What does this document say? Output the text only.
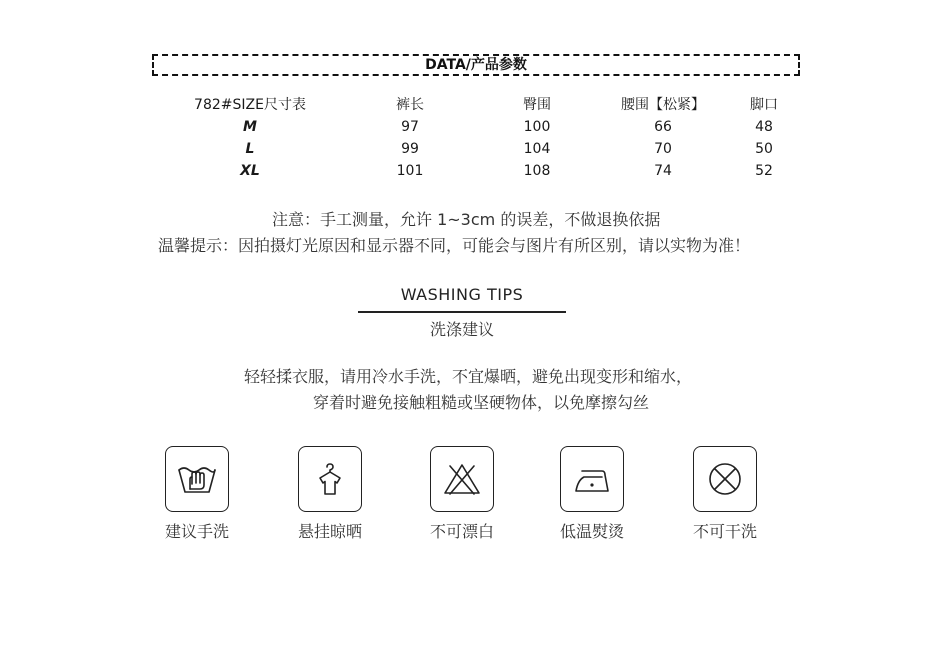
DATA/产品参数
782#SIZE尺寸表	裤长	臀围	腰围【松紧】	脚口
M	97	100	66	48
L	99	104	70	50
XL	101	108	74	52
注意：手工测量，允许 1~3cm 的误差，不做退换依据
温馨提示：因拍摄灯光原因和显示器不同，可能会与图片有所区别，请以实物为准！
WASHING TIPS
洗涤建议
轻轻揉衣服，请用冷水手洗，不宜爆晒，避免出现变形和缩水，
穿着时避免接触粗糙或坚硬物体，以免摩擦勾丝
建议手洗	悬挂晾晒	不可漂白	低温熨烫	不可干洗
